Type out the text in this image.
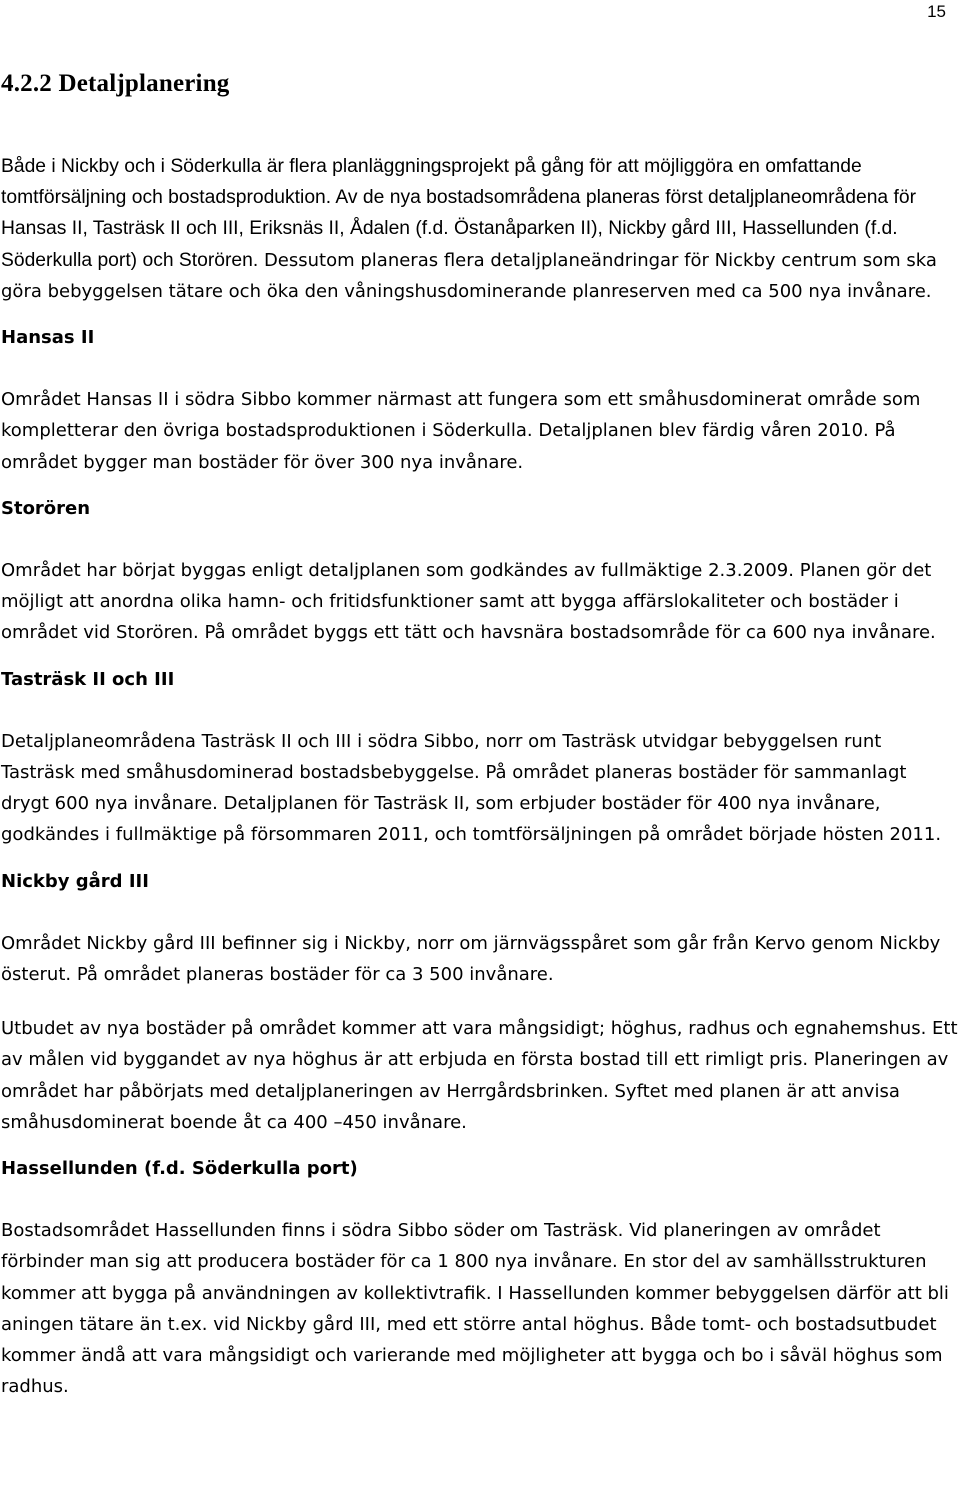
15
4.2.2 Detaljplanering

Både i Nickby och i Söderkulla är flera planläggningsprojekt på gång för att möjliggöra en omfattande tomtförsäljning och bostadsproduktion. Av de nya bostadsområdena planeras först detaljplaneområdena för Hansas II, Tasträsk II och III, Eriksnäs II, Ådalen (f.d. Östanåparken II), Nickby gård III, Hassellunden (f.d. Söderkulla port) och Storören. Dessutom planeras flera detaljplaneändringar för Nickby centrum som ska göra bebyggelsen tätare och öka den våningshusdominerande planreserven med ca 500 nya invånare.

Hansas II

Området Hansas II i södra Sibbo kommer närmast att fungera som ett småhusdominerat område som kompletterar den övriga bostadsproduktionen i Söderkulla. Detaljplanen blev färdig våren 2010. På området bygger man bostäder för över 300 nya invånare.

Storören

Området har börjat byggas enligt detaljplanen som godkändes av fullmäktige 2.3.2009. Planen gör det möjligt att anordna olika hamn- och fritidsfunktioner samt att bygga affärslokaliteter och bostäder i området vid Storören. På området byggs ett tätt och havsnära bostadsområde för ca 600 nya invånare.

Tasträsk II och III

Detaljplaneområdena Tasträsk II och III i södra Sibbo, norr om Tasträsk utvidgar bebyggelsen runt Tasträsk med småhusdominerad bostadsbebyggelse. På området planeras bostäder för sammanlagt drygt 600 nya invånare. Detaljplanen för Tasträsk II, som erbjuder bostäder för 400 nya invånare, godkändes i fullmäktige på försommaren 2011, och tomtförsäljningen på området började hösten 2011.

Nickby gård III

Området Nickby gård III befinner sig i Nickby, norr om järnvägsspåret som går från Kervo genom Nickby österut. På området planeras bostäder för ca 3 500 invånare.

Utbudet av nya bostäder på området kommer att vara mångsidigt; höghus, radhus och egnahemshus. Ett av målen vid byggandet av nya höghus är att erbjuda en första bostad till ett rimligt pris. Planeringen av området har påbörjats med detaljplaneringen av Herrgårdsbrinken. Syftet med planen är att anvisa småhusdominerat boende åt ca 400 –450 invånare.

Hassellunden (f.d. Söderkulla port)

Bostadsområdet Hassellunden finns i södra Sibbo söder om Tasträsk. Vid planeringen av området förbinder man sig att producera bostäder för ca 1 800 nya invånare. En stor del av samhällsstrukturen kommer att bygga på användningen av kollektivtrafik. I Hassellunden kommer bebyggelsen därför att bli aningen tätare än t.ex. vid Nickby gård III, med ett större antal höghus. Både tomt- och bostadsutbudet kommer ändå att vara mångsidigt och varierande med möjligheter att bygga och bo i såväl höghus som radhus.
